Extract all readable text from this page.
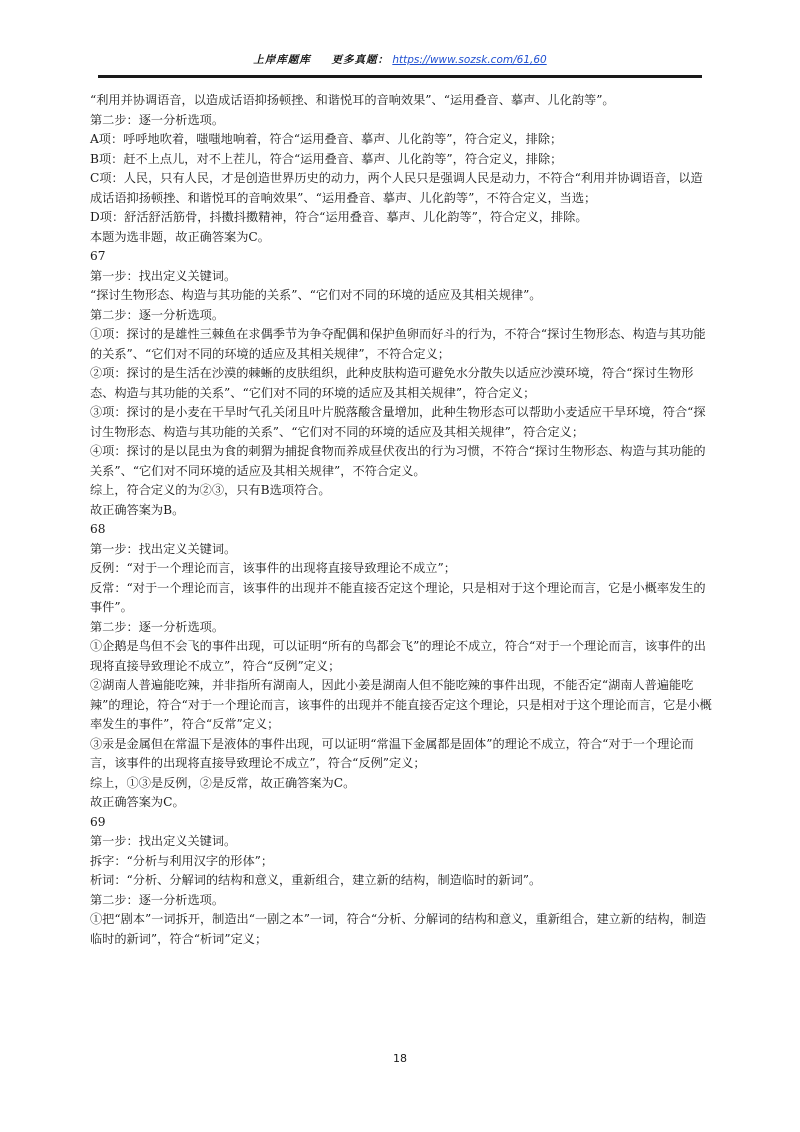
上岸库题库 更多真题： https://www.sozsk.com/61,60

“利用并协调语音，以造成话语抑扬顿挫、和谐悦耳的音响效果”、“运用叠音、摹声、儿化韵等”。

第二步：逐一分析选项。

A项：呼呼地吹着，嗤嗤地响着，符合“运用叠音、摹声、儿化韵等”，符合定义，排除；

B项：赶不上点儿，对不上茬儿，符合“运用叠音、摹声、儿化韵等”，符合定义，排除；

C项：人民，只有人民，才是创造世界历史的动力，两个人民只是强调人民是动力，不符合“利用并协调语音，以造成话语抑扬顿挫、和谐悦耳的音响效果”、“运用叠音、摹声、儿化韵等”，不符合定义，当选；

D项：舒活舒活筋骨，抖擞抖擞精神，符合“运用叠音、摹声、儿化韵等”，符合定义，排除。

本题为选非题，故正确答案为C。

67

第一步：找出定义关键词。

“探讨生物形态、构造与其功能的关系”、“它们对不同的环境的适应及其相关规律”。

第二步：逐一分析选项。

①项：探讨的是雄性三棘鱼在求偶季节为争夺配偶和保护鱼卵而好斗的行为，不符合“探讨生物形态、构造与其功能的关系”、“它们对不同的环境的适应及其相关规律”，不符合定义；

②项：探讨的是生活在沙漠的棘蜥的皮肤组织，此种皮肤构造可避免水分散失以适应沙漠环境，符合“探讨生物形态、构造与其功能的关系”、“它们对不同的环境的适应及其相关规律”，符合定义；

③项：探讨的是小麦在干旱时气孔关闭且叶片脱落酸含量增加，此种生物形态可以帮助小麦适应干旱环境，符合“探讨生物形态、构造与其功能的关系”、“它们对不同的环境的适应及其相关规律”，符合定义；

④项：探讨的是以昆虫为食的刺猬为捕捉食物而养成昼伏夜出的行为习惯，不符合“探讨生物形态、构造与其功能的关系”、“它们对不同环境的适应及其相关规律”，不符合定义。

综上，符合定义的为②③，只有B选项符合。

故正确答案为B。

68

第一步：找出定义关键词。

反例：“对于一个理论而言，该事件的出现将直接导致理论不成立”；

反常：“对于一个理论而言，该事件的出现并不能直接否定这个理论，只是相对于这个理论而言，它是小概率发生的事件”。

第二步：逐一分析选项。

①企鹅是鸟但不会飞的事件出现，可以证明“所有的鸟都会飞”的理论不成立，符合“对于一个理论而言，该事件的出现将直接导致理论不成立”，符合“反例”定义；

②湖南人普遍能吃辣，并非指所有湖南人，因此小姜是湖南人但不能吃辣的事件出现，不能否定“湖南人普遍能吃辣”的理论，符合“对于一个理论而言，该事件的出现并不能直接否定这个理论，只是相对于这个理论而言，它是小概率发生的事件”，符合“反常”定义；

③汞是金属但在常温下是液体的事件出现，可以证明“常温下金属都是固体”的理论不成立，符合“对于一个理论而言，该事件的出现将直接导致理论不成立”，符合“反例”定义；

综上，①③是反例，②是反常，故正确答案为C。

故正确答案为C。

69

第一步：找出定义关键词。

拆字：“分析与利用汉字的形体”；

析词：“分析、分解词的结构和意义，重新组合，建立新的结构，制造临时的新词”。

第二步：逐一分析选项。

①把“剧本”一词拆开，制造出“一剧之本”一词，符合“分析、分解词的结构和意义，重新组合，建立新的结构，制造临时的新词”，符合“析词”定义；

18
